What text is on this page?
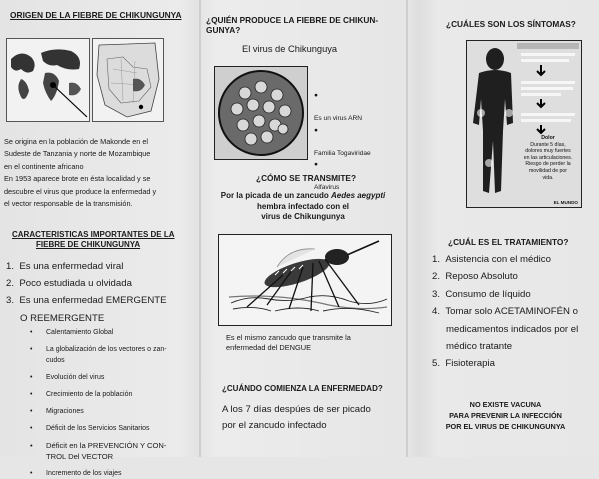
ORIGEN DE LA FIEBRE DE CHIKUNGUNYA
Se origina en la población de Makonde en el
Sudeste de Tanzania y norte de Mozambique
en el continente africano
En 1953 aparece brote en ésta localidad y se
descubre el virus que produce la enfermedad y
el vector responsable de la transmisión.
CARACTERISTICAS IMPORTANTES DE LA
FIEBRE DE CHIKUNGUNYA
1. Es una enfermedad viral
2. Poco estudiada u olvidada
3. Es una enfermedad EMERGENTE
O REEMERGENTE
•	Calentamiento Global
•	La globalización de los vectores o zan-
cudos
•	Evolución del virus
•	Crecimiento de la población
•	Migraciones
•	Déficit de los Servicios Sanitarios
•	Déficit en la PREVENCIÓN Y CON-
TROL Del VECTOR
•	Incremento de los viajes
¿QUIÉN PRODUCE LA FIEBRE DE CHIKUN-
GUNYA?
El virus de Chikunguya
●

Es un virus ARN
●

Familia Togaviridae
●

Alfavirus
¿CÓMO SE TRANSMITE?
Por la picada de un zancudo Aedes aegypti
hembra infectado con el
virus de Chikungunya
Es el mismo zancudo que transmite la
enfermedad del DENGUE
¿CUÁNDO COMIENZA LA ENFERMEDAD?
A los 7 días despúes de ser picado
por el zancudo infectado
¿CUÁLES SON LOS SÍNTOMAS?
Dolor
Durante 5 días,
dolores muy fuertes
en las articulaciones.
Riesgo de perder la
movilidad de por
vida.
EL MUNDO
¿CUÁL ES EL TRATAMIENTO?
1. Asistencia con el médico
2. Reposo Absoluto
3. Consumo de líquido
4. Tomar solo ACETAMINOFÉN o
medicamentos indicados por el
médico tratante
5. Fisioterapia
NO EXISTE VACUNA
PARA PREVENIR LA INFECCIÓN
POR EL VIRUS DE CHIKUNGUNYA
